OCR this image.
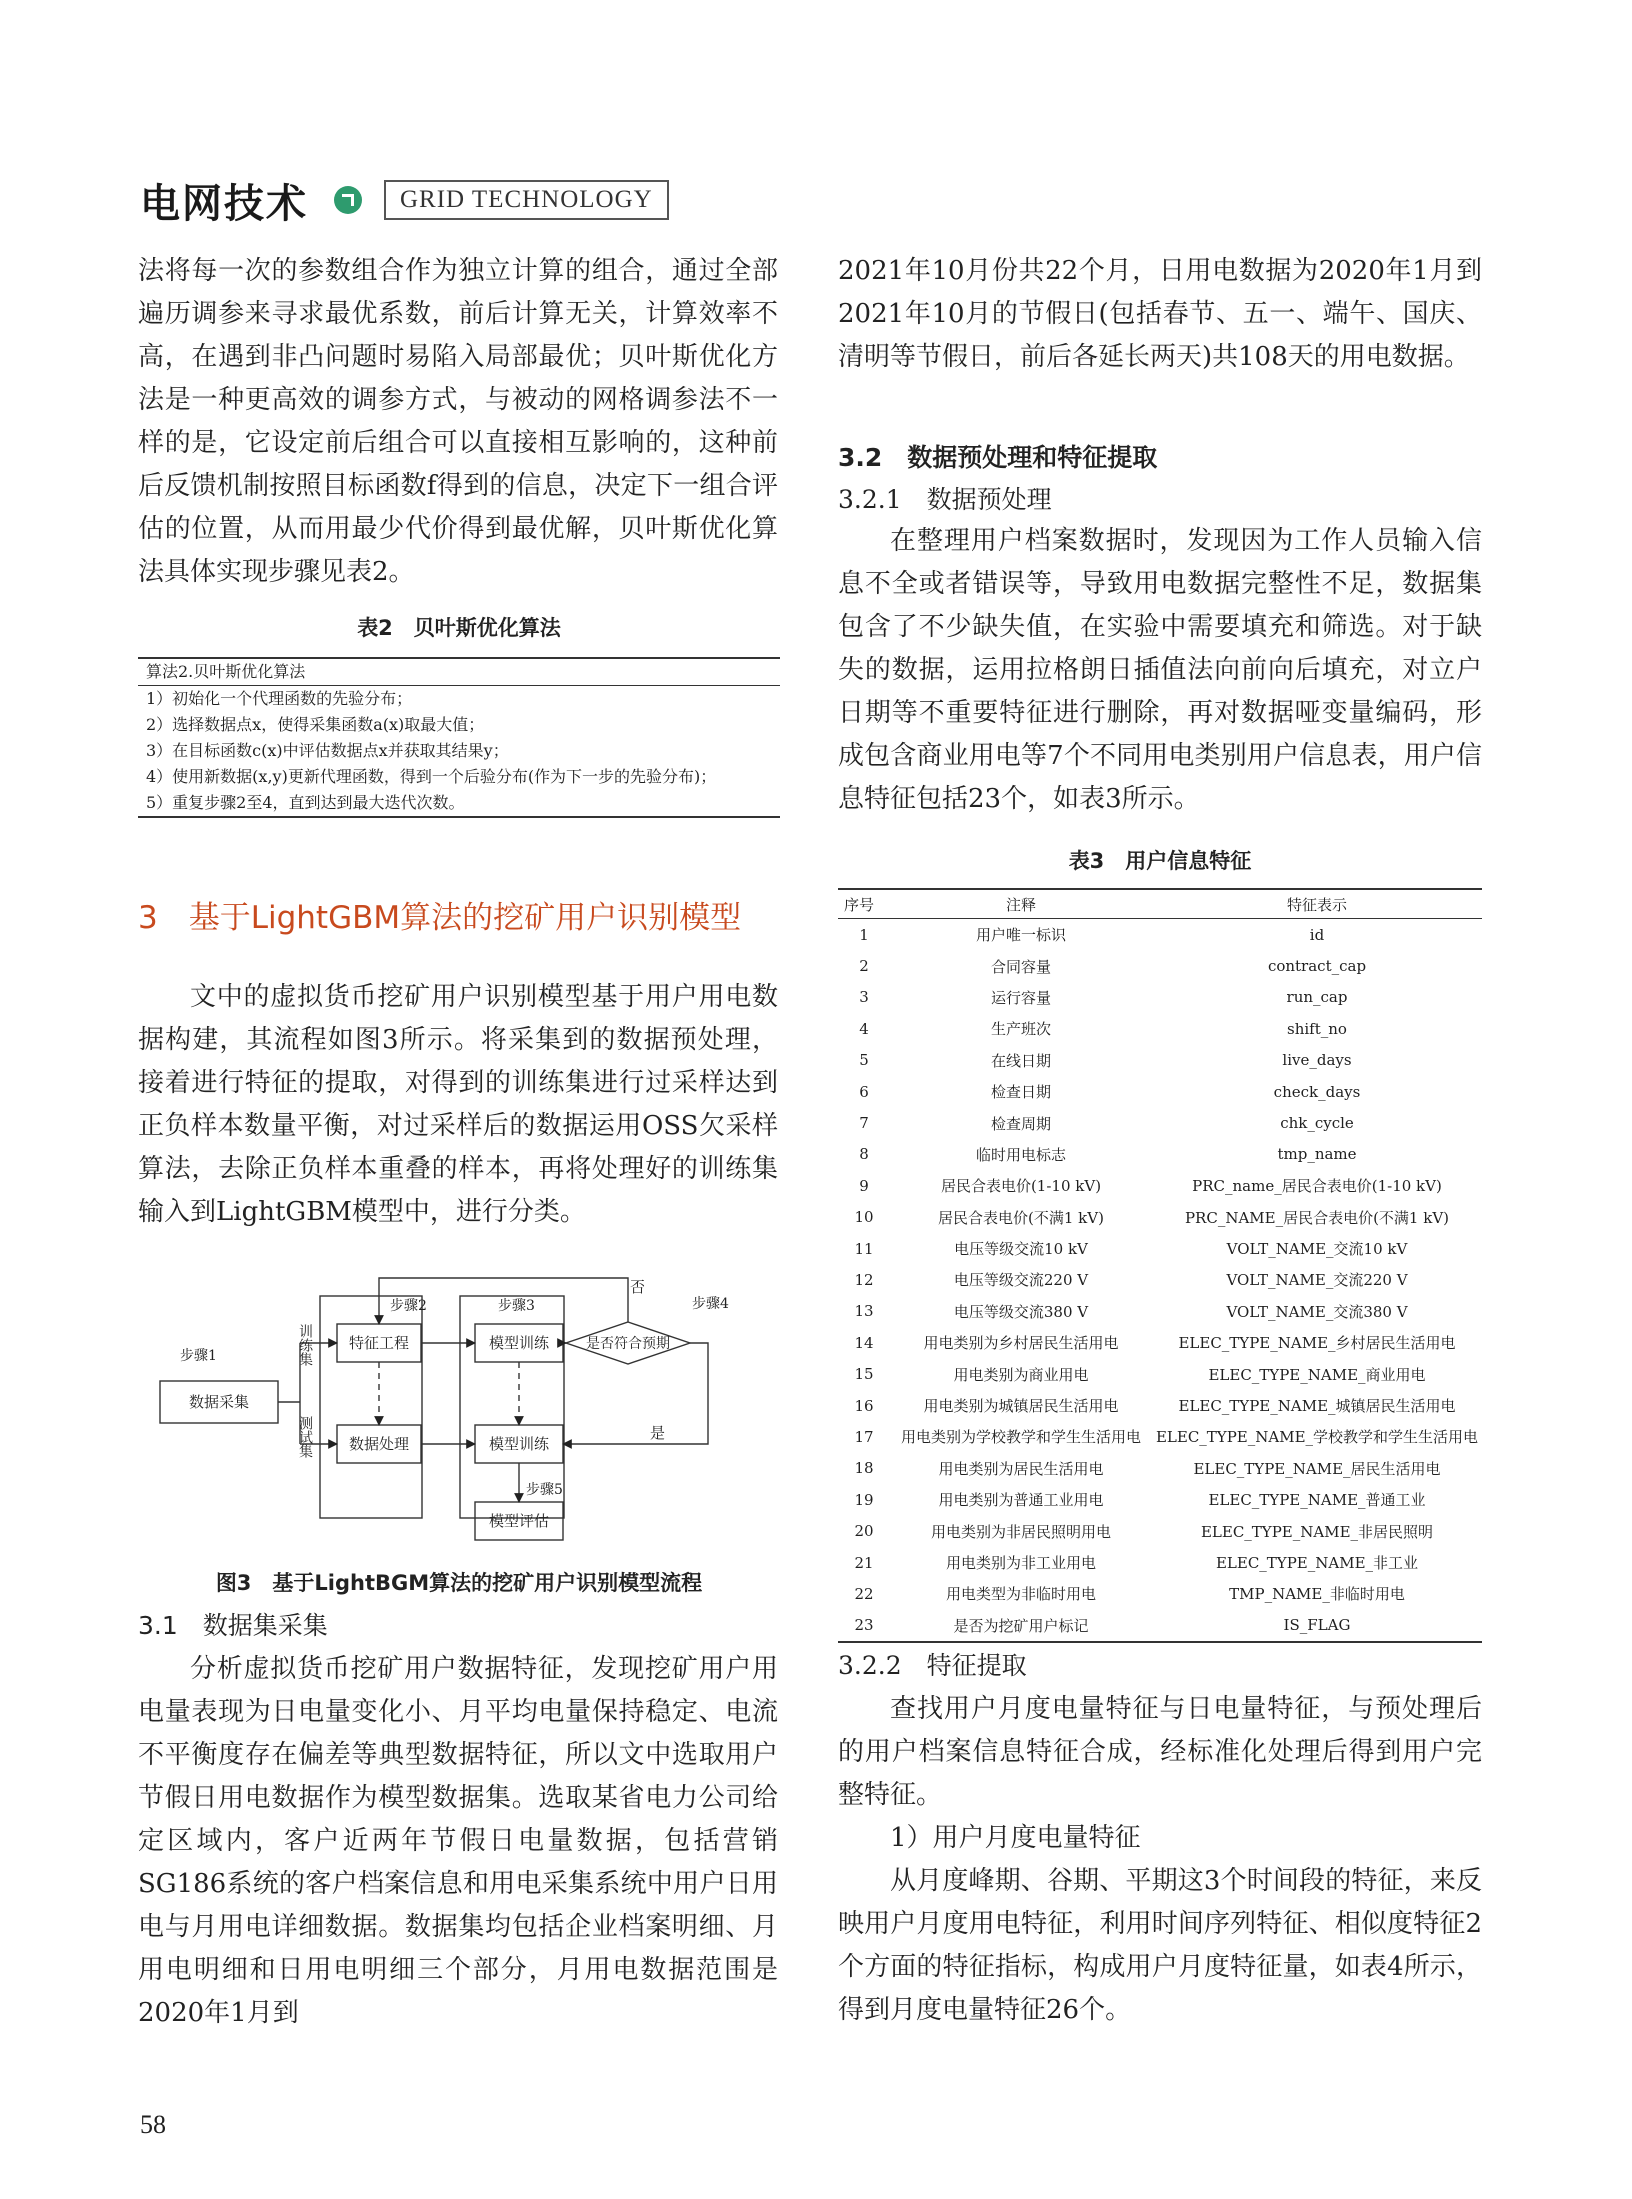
电网技术	GRID TECHNOLOGY

法将每一次的参数组合作为独立计算的组合，通过全部遍历调参来寻求最优系数，前后计算无关，计算效率不高，在遇到非凸问题时易陷入局部最优；贝叶斯优化方法是一种更高效的调参方式，与被动的网格调参法不一样的是，它设定前后组合可以直接相互影响的，这种前后反馈机制按照目标函数f得到的信息，决定下一组合评估的位置，从而用最少代价得到最优解，贝叶斯优化算法具体实现步骤见表2。

表2　贝叶斯优化算法
算法2.贝叶斯优化算法
1）初始化一个代理函数的先验分布；
2）选择数据点x，使得采集函数a(x)取最大值；
3）在目标函数c(x)中评估数据点x并获取其结果y；
4）使用新数据(x,y)更新代理函数，得到一个后验分布(作为下一步的先验分布)；
5）重复步骤2至4，直到达到最大迭代次数。
3　基于LightGBM算法的挖矿用户识别模型

文中的虚拟货币挖矿用户识别模型基于用户用电数据构建，其流程如图3所示。将采集到的数据预处理，接着进行特征的提取，对得到的训练集进行过采样达到正负样本数量平衡，对过采样后的数据运用OSS欠采样算法，去除正负样本重叠的样本，再将处理好的训练集输入到LightGBM模型中，进行分类。

数据采集
特征工程
数据处理
模型训练
模型训练
模型评估
是否符合预期
步骤1
步骤2	步骤3	步骤4
步骤5
否
是
训练集
测试集
图3　基于LightBGM算法的挖矿用户识别模型流程
3.1　数据集采集

分析虚拟货币挖矿用户数据特征，发现挖矿用户用电量表现为日电量变化小、月平均电量保持稳定、电流不平衡度存在偏差等典型数据特征，所以文中选取用户节假日用电数据作为模型数据集。选取某省电力公司给定区域内，客户近两年节假日电量数据，包括营销SG186系统的客户档案信息和用电采集系统中用户日用电与月用电详细数据。数据集均包括企业档案明细、月用电明细和日用电明细三个部分，月用电数据范围是2020年1月到

2021年10月份共22个月，日用电数据为2020年1月到2021年10月的节假日(包括春节、五一、端午、国庆、清明等节假日，前后各延长两天)共108天的用电数据。

3.2　数据预处理和特征提取
3.2.1　数据预处理

在整理用户档案数据时，发现因为工作人员输入信息不全或者错误等，导致用电数据完整性不足，数据集包含了不少缺失值，在实验中需要填充和筛选。对于缺失的数据，运用拉格朗日插值法向前向后填充，对立户日期等不重要特征进行删除，再对数据哑变量编码，形成包含商业用电等7个不同用电类别用户信息表，用户信息特征包括23个，如表3所示。

表3　用户信息特征
序号	注释	特征表示
1	用户唯一标识	id
2	合同容量	contract_cap
3	运行容量	run_cap
4	生产班次	shift_no
5	在线日期	live_days
6	检查日期	check_days
7	检查周期	chk_cycle
8	临时用电标志	tmp_name
9	居民合表电价(1-10 kV)	PRC_name_居民合表电价(1-10 kV)
10	居民合表电价(不满1 kV)	PRC_NAME_居民合表电价(不满1 kV)
11	电压等级交流10 kV	VOLT_NAME_交流10 kV
12	电压等级交流220 V	VOLT_NAME_交流220 V
13	电压等级交流380 V	VOLT_NAME_交流380 V
14	用电类别为乡村居民生活用电	ELEC_TYPE_NAME_乡村居民生活用电
15	用电类别为商业用电	ELEC_TYPE_NAME_商业用电
16	用电类别为城镇居民生活用电	ELEC_TYPE_NAME_城镇居民生活用电
17	用电类别为学校教学和学生生活用电	ELEC_TYPE_NAME_学校教学和学生生活用电
18	用电类别为居民生活用电	ELEC_TYPE_NAME_居民生活用电
19	用电类别为普通工业用电	ELEC_TYPE_NAME_普通工业
20	用电类别为非居民照明用电	ELEC_TYPE_NAME_非居民照明
21	用电类别为非工业用电	ELEC_TYPE_NAME_非工业
22	用电类型为非临时用电	TMP_NAME_非临时用电
23	是否为挖矿用户标记	IS_FLAG
3.2.2　特征提取

查找用户月度电量特征与日电量特征，与预处理后的用户档案信息特征合成，经标准化处理后得到用户完整特征。

1）用户月度电量特征

从月度峰期、谷期、平期这3个时间段的特征，来反映用户月度用电特征，利用时间序列特征、相似度特征2个方面的特征指标，构成用户月度特征量，如表4所示，得到月度电量特征26个。

58
